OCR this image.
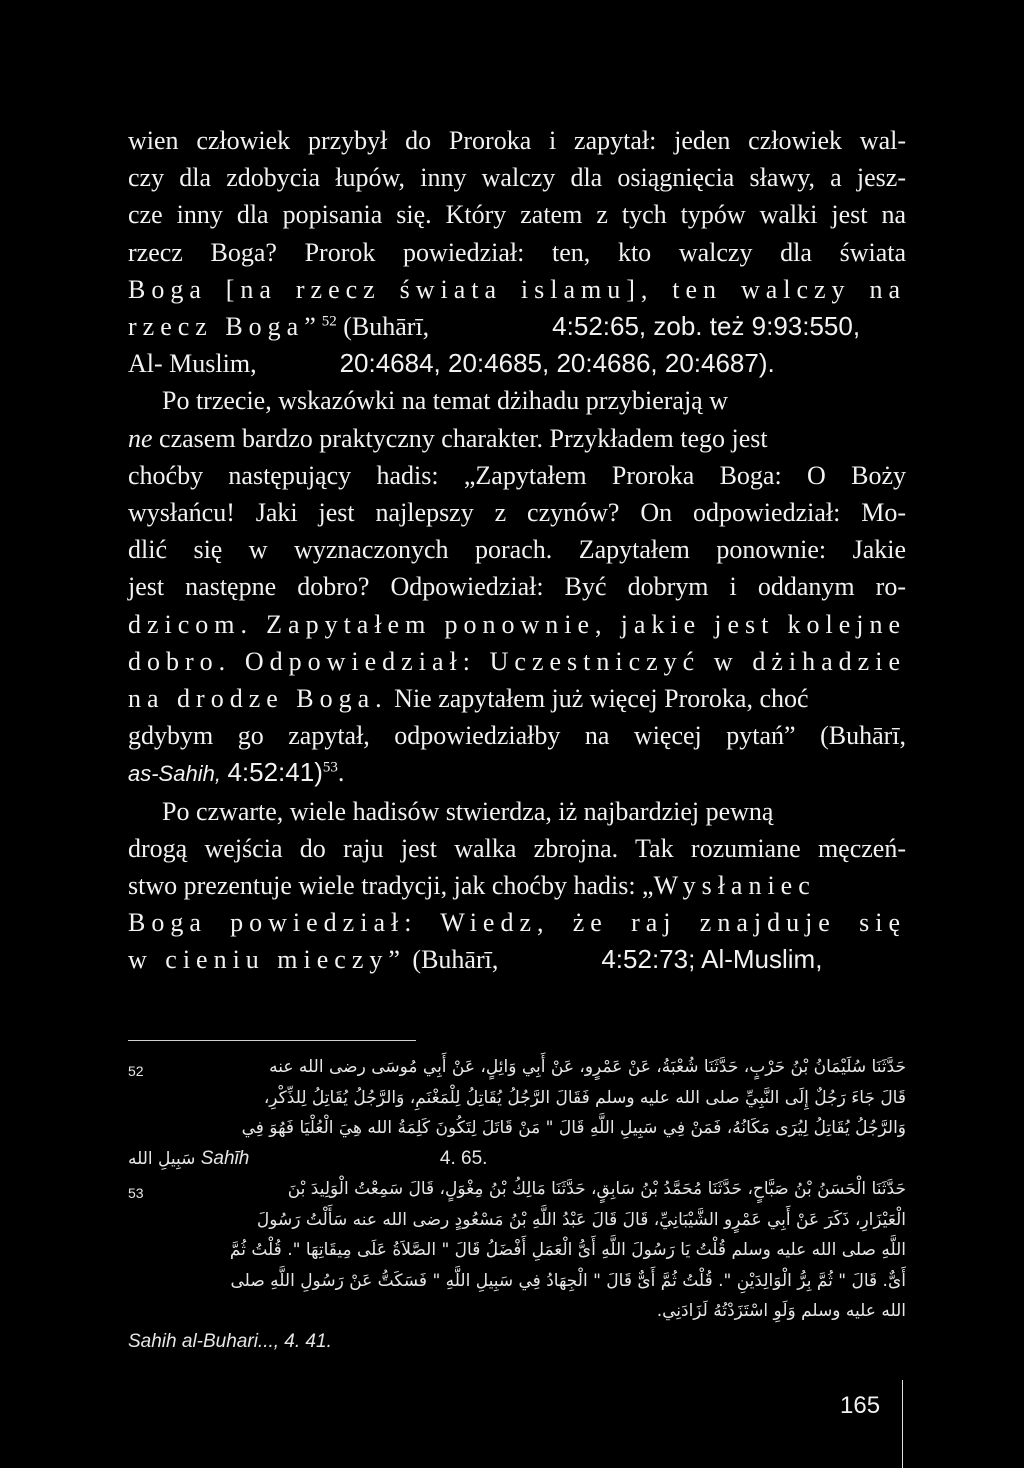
wien człowiek przybył do Proroka i zapytał: jeden człowiek wal-
czy dla zdobycia łupów, inny walczy dla osiągnięcia sławy, a jesz-
cze inny dla popisania się. Który zatem z tych typów walki jest na
rzecz Boga? Prorok powiedział: ten, kto walczy dla świata
Boga [na rzecz świata islamu], ten walczy na
rzecz Boga”$^{52}$ (Buhārī,	4:52:65, zob. też 9:93:550,
Al- Muslim,	20:4684, 20:4685, 20:4686, 20:4687).
Po trzecie, wskazówki na temat dżihadu przybierają w
ne czasem bardzo praktyczny charakter. Przykładem tego jest
choćby następujący hadis: „Zapytałem Proroka Boga: O Boży
wysłańcu! Jaki jest najlepszy z czynów? On odpowiedział: Mo-
dlić się w wyznaczonych porach. Zapytałem ponownie: Jakie
jest następne dobro? Odpowiedział: Być dobrym i oddanym ro-
dzicom. Zapytałem ponownie, jakie jest kolejne
dobro. Odpowiedział: Uczestniczyć w dżihadzie
na drodze Boga. Nie zapytałem już więcej Proroka, choć
gdybym go zapytał, odpowiedziałby na więcej pytań” (Buhārī,
as-Sahih, 4:52:41)$^{53}$.
Po czwarte, wiele hadisów stwierdza, iż najbardziej pewną
drogą wejścia do raju jest walka zbrojna. Tak rozumiane męczeń-
stwo prezentuje wiele tradycji, jak choćby hadis: „Wysłaniec
Boga powiedział: Wiedz, że raj znajduje się
w cieniu mieczy” (Buhārī,	4:52:73; Al-Muslim,
52	حَدَّثَنَا سُلَيْمَانُ بْنُ حَرْبٍ، حَدَّثَنَا شُعْبَةُ، عَنْ عَمْرٍو، عَنْ أَبِي وَائِلٍ، عَنْ أَبِي مُوسَى رضى الله عنه
قَالَ جَاءَ رَجُلٌ إِلَى النَّبِيِّ صلى الله عليه وسلم فَقَالَ الرَّجُلُ يُقَاتِلُ لِلْمَغْنَمِ، وَالرَّجُلُ يُقَاتِلُ لِلذِّكْرِ،
وَالرَّجُلُ يُقَاتِلُ لِيُرَى مَكَانُهُ، فَمَنْ فِي سَبِيلِ اللَّهِ قَالَ " مَنْ قَاتَلَ لِتَكُونَ كَلِمَةُ الله هِيَ الْعُلْيَا فَهُوَ فِي
سَبِيلِ الله Sahīh	4. 65.
53	حَدَّثَنَا الْحَسَنُ بْنُ صَبَّاحٍ، حَدَّثَنَا مُحَمَّدُ بْنُ سَابِقٍ، حَدَّثَنَا مَالِكُ بْنُ مِغْوَلٍ، قَالَ سَمِعْتُ الْوَلِيدَ بْنَ
الْعَيْزَارِ، ذَكَرَ عَنْ أَبِي عَمْرٍو الشَّيْبَانِيِّ، قَالَ قَالَ عَبْدُ اللَّهِ بْنُ مَسْعُودٍ رضى الله عنه سَأَلْتُ رَسُولَ
اللَّهِ صلى الله عليه وسلم قُلْتُ يَا رَسُولَ اللَّهِ أَىُّ الْعَمَلِ أَفْضَلُ قَالَ " الصَّلاَةُ عَلَى مِيقَاتِهَا ". قُلْتُ ثُمَّ
أَىٌّ. قَالَ " ثُمَّ بِرُّ الْوَالِدَيْنِ ". قُلْتُ ثُمَّ أَىٌّ قَالَ " الْجِهَادُ فِي سَبِيلِ اللَّهِ " فَسَكَتُّ عَنْ رَسُولِ اللَّهِ صلى
الله عليه وسلم وَلَوِ اسْتَزَدْتُهُ لَزَادَنِي.
Sahih al-Buhari..., 4. 41.
165
